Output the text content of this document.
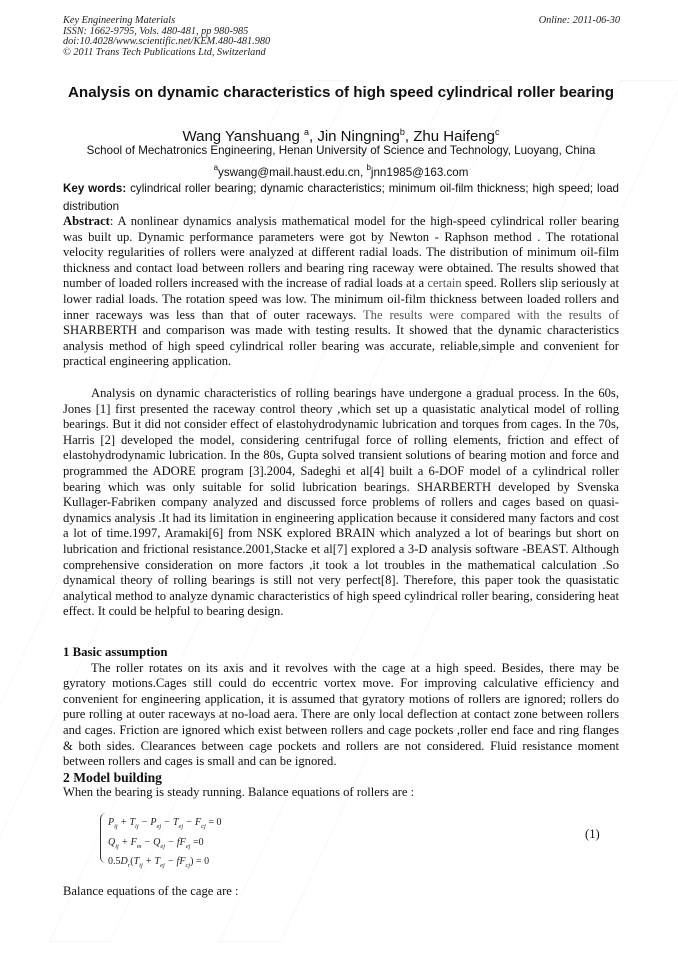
Key Engineering Materials
ISSN: 1662-9795, Vols. 480-481, pp 980-985
doi:10.4028/www.scientific.net/KEM.480-481.980
© 2011 Trans Tech Publications Ltd, Switzerland
Online: 2011-06-30
Analysis on dynamic characteristics of high speed cylindrical roller bearing
Wang Yanshuang $^a$, Jin Ningning$^b$, Zhu Haifeng$^c$
School of Mechatronics Engineering, Henan University of Science and Technology, Luoyang, China
$^a$yswang@mail.haust.edu.cn, $^b$jnn1985@163.com
Key words: cylindrical roller bearing; dynamic characteristics; minimum oil-film thickness; high speed; load distribution
Abstract: A nonlinear dynamics analysis mathematical model for the high-speed cylindrical roller bearing was built up. Dynamic performance parameters were got by Newton - Raphson method . The rotational velocity regularities of rollers were analyzed at different radial loads. The distribution of minimum oil-film thickness and contact load between rollers and bearing ring raceway were obtained. The results showed that number of loaded rollers increased with the increase of radial loads at a certain speed. Rollers slip seriously at lower radial loads. The rotation speed was low. The minimum oil-film thickness between loaded rollers and inner raceways was less than that of outer raceways. The results were compared with the results of SHARBERTH and comparison was made with testing results. It showed that the dynamic characteristics analysis method of high speed cylindrical roller bearing was accurate, reliable,simple and convenient for practical engineering application.
Analysis on dynamic characteristics of rolling bearings have undergone a gradual process. In the 60s, Jones [1] first presented the raceway control theory ,which set up a quasistatic analytical model of rolling bearings. But it did not consider effect of elastohydrodynamic lubrication and torques from cages. In the 70s, Harris [2] developed the model, considering centrifugal force of rolling elements, friction and effect of elastohydrodynamic lubrication. In the 80s, Gupta solved transient solutions of bearing motion and force and programmed the ADORE program [3].2004, Sadeghi et al[4] built a 6-DOF model of a cylindrical roller bearing which was only suitable for solid lubrication bearings. SHARBERTH developed by Svenska Kullager-Fabriken company analyzed and discussed force problems of rollers and cages based on quasi-dynamics analysis .It had its limitation in engineering application because it considered many factors and cost a lot of time.1997, Aramaki[6] from NSK explored BRAIN which analyzed a lot of bearings but short on lubrication and frictional resistance.2001,Stacke et al[7] explored a 3-D analysis software -BEAST. Although comprehensive consideration on more factors ,it took a lot troubles in the mathematical calculation .So dynamical theory of rolling bearings is still not very perfect[8]. Therefore, this paper took the quasistatic analytical method to analyze dynamic characteristics of high speed cylindrical roller bearing, considering heat effect. It could be helpful to bearing design.
1 Basic assumption
The roller rotates on its axis and it revolves with the cage at a high speed. Besides, there may be gyratory motions.Cages still could do eccentric vortex move. For improving calculative efficiency and convenient for engineering application, it is assumed that gyratory motions of rollers are ignored; rollers do pure rolling at outer raceways at no-load aera. There are only local deflection at contact zone between rollers and cages. Friction are ignored which exist between rollers and cage pockets ,roller end face and ring flanges & both sides. Clearances between cage pockets and rollers are not considered. Fluid resistance moment between rollers and cages is small and can be ignored.
2 Model building
When the bearing is steady running. Balance equations of rollers are :
$P_{ij} + T_{ij} - P_{ej} - T_{ej} - F_{cj} = 0$
$Q_{ij} + F_m - Q_{ej} - fF_{ej} =0$
$0.5D_r(T_{ij} + T_{ej} - fF_{cj}) = 0$
(1)
Balance equations of the cage are :
